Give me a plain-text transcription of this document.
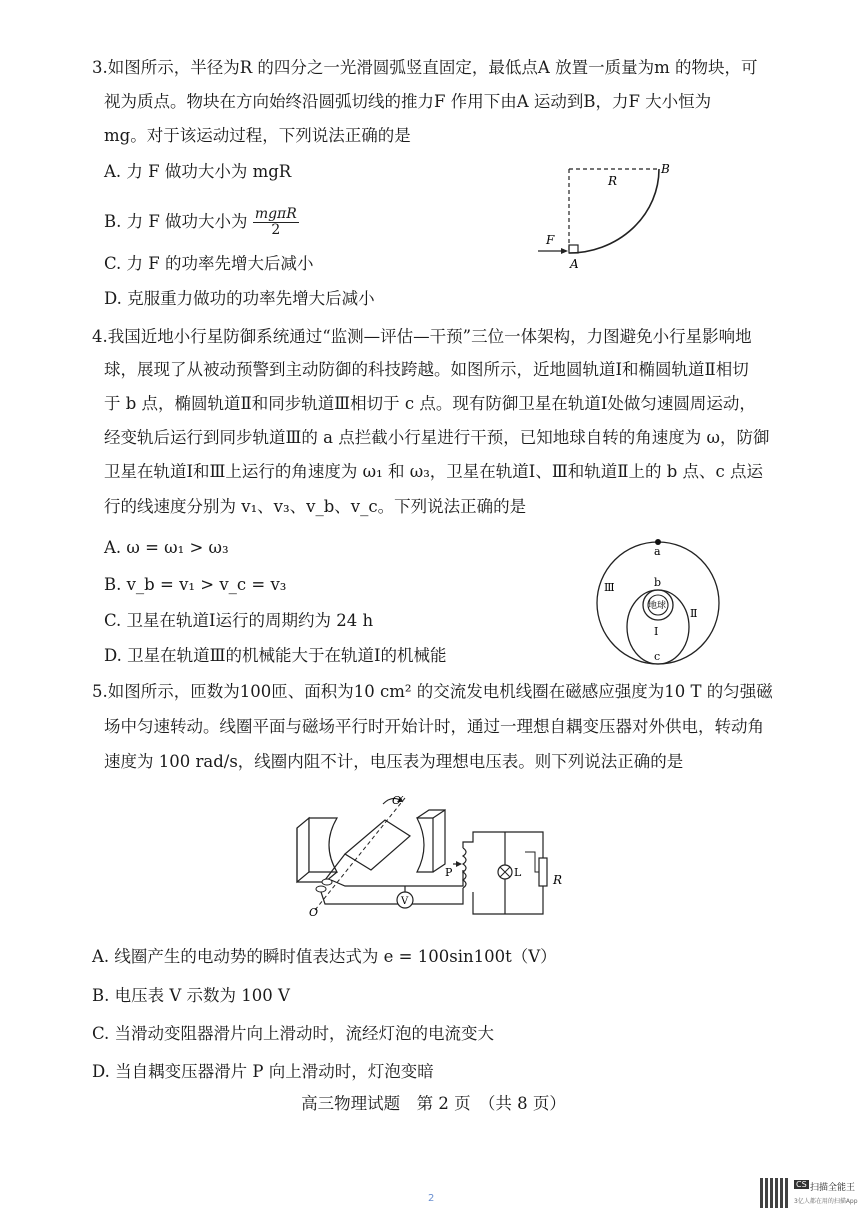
3.如图所示，半径为R 的四分之一光滑圆弧竖直固定，最低点A 放置一质量为m 的物块，可
视为质点。物块在方向始终沿圆弧切线的推力F 作用下由A 运动到B，力F 大小恒为
mg。对于该运动过程，下列说法正确的是
A. 力 F 做功大小为 mgR
B. 力 F 做功大小为 $\frac{\text{mgπR}}{2}$
C. 力 F 的功率先增大后减小
D. 克服重力做功的功率先增大后减小
B
R
F
A
4.我国近地小行星防御系统通过“监测—评估—干预”三位一体架构，力图避免小行星影响地
球，展现了从被动预警到主动防御的科技跨越。如图所示，近地圆轨道Ⅰ和椭圆轨道Ⅱ相切
于 b 点，椭圆轨道Ⅱ和同步轨道Ⅲ相切于 c 点。现有防御卫星在轨道Ⅰ处做匀速圆周运动，
经变轨后运行到同步轨道Ⅲ的 a 点拦截小行星进行干预，已知地球自转的角速度为 ω，防御
卫星在轨道Ⅰ和Ⅲ上运行的角速度为 ω₁ 和 ω₃，卫星在轨道Ⅰ、Ⅲ和轨道Ⅱ上的 b 点、c 点运
行的线速度分别为 v₁、v₃、v_b、v_c。下列说法正确的是
A. ω = ω₁ > ω₃
B. v_b = v₁ > v_c = v₃
C. 卫星在轨道Ⅰ运行的周期约为 24 h
D. 卫星在轨道Ⅲ的机械能大于在轨道Ⅰ的机械能
a
b
c
地球
Ⅰ
Ⅱ
Ⅲ
5.如图所示，匝数为100匝、面积为10 cm² 的交流发电机线圈在磁感应强度为10 T 的匀强磁
场中匀速转动。线圈平面与磁场平行时开始计时，通过一理想自耦变压器对外供电，转动角
速度为 100 rad/s，线圈内阻不计，电压表为理想电压表。则下列说法正确的是
V
P	L
R
O′
O
A. 线圈产生的电动势的瞬时值表达式为 e = 100sin100t（V）
B. 电压表 V 示数为 100 V
C. 当滑动变阻器滑片向上滑动时，流经灯泡的电流变大
D. 当自耦变压器滑片 P 向上滑动时，灯泡变暗
高三物理试题　第 2 页　（共 8 页）
2
CS 扫描全能王
3亿人都在用的扫描App
